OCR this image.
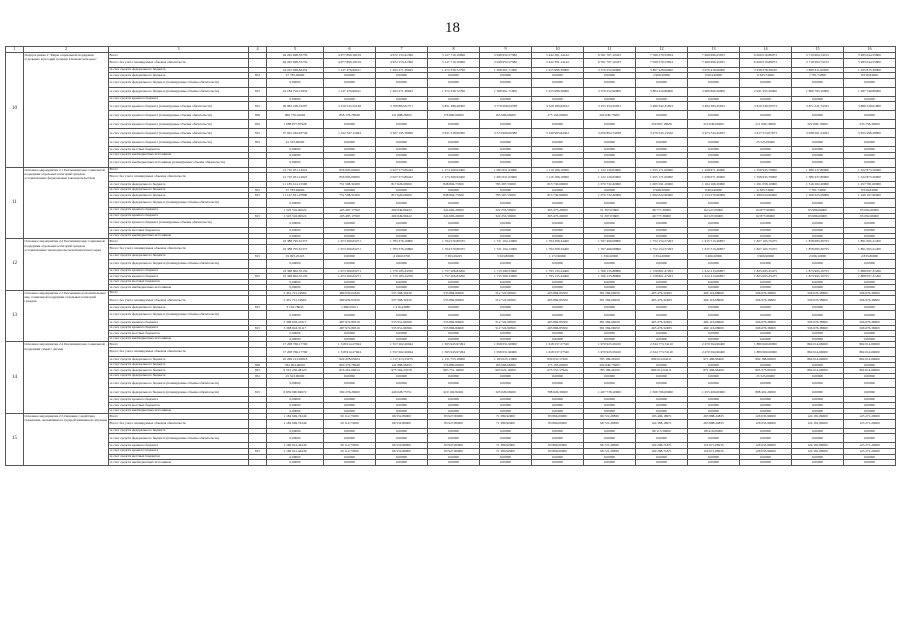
18
1	2	3	4	5	6	7	8	9	10	11	12	13	14	15	16
10	Подпрограмма 2 "Меры социальной поддержки отдельных категорий граждан в Камчатском крае"	Всего		64 265 698,35759	4 977 890,18159	4 972 153,41396	5 127 710,16096	5 048 952,57586	5 442 361,14142	6 591 707,10433	7 596 570,53854	7 469 996,25055	6 626 010,86973	5 719 964,74155	5 285 044,55800
		Всего: без учета планируемых объемов обязательств		64 265 698,35759	4 977 890,18159	4 972 153,41396	5 127 710,16096	5 048 952,57586	5 442 361,14142	6 591 707,10433	7 596 570,53854	7 469 996,25055	6 626 010,86973	5 719 964,74155	5 285 044,55800
		за счет средств федерального бюджета		24 222 969,82452	1 127 476,66011	1 263 271,39645	1 272 330,72796	1 268 961,71000	1 915 986,39900	3 376 252,60900	3 867 228,06600	3 976 416,06000	2 938 678,38100	1 868 611,60000	1 295 815,39000
		за счет средств федерального бюджета	852	37 783,64000	0,00000	0,00000	0,00000	0,00000	0,00000	0,00000	2 968,20000	9 604,40000	9 383,74000	7 781,74000	8 039,84000
		за счет средств федерального бюджета (планируемые объемы обязательств)		0,00000	0,00000	0,00000	0,00000	0,00000	0,00000	0,00000	0,00000	0,00000	0,00000	0,00000	0,00000
		за счет средств федерального бюджета (планируемые объемы обязательств)	815	24 184 716,21852	1 127 476,66011	1 263 271,39645	1 272 330,72796	1 268 961,71000	1 915 986,39900	3 376 252,60900	3 864 259,86600	3 966 806,26000	2 941 295,29000	1 860 795,16000	1 287 749,89000
		за счет средств краевого бюджета		0,00000	0,00000	0,00000	0,00000	0,00000	0,00000	0,00000	0,00000	0,00000	0,00000	0,00000	0,00000
		за счет средств краевого бюджета (планируемые объемы обязательств)	815	39 983 198,74307	3 250 533,52148	3 708 882,61751	3 851 388,46300	3 779 966,04768	3 526 380,84012	3 255 454,50053	3 489 342,31853	3 484 383,45635	3 819 349,50573	3 871 241,74355	3 889 229,61800
		за счет средств краевого бюджета (планируемые объемы обязательств)	830	966 776,16046	858 176,78048	141 688,26655	176 880,60000	165 066,06000	175 103,00000	204 649,75995	0,00000	0,00000	0,00000	0,00000	0,00000
		за счет средств краевого бюджета (планируемые объемы обязательств)	832	1 088 877,87928	0,00000	0,00000	0,00000	0,00000	0,00000	0,00000	259 807,18626	210 640,00000	211 849,19900	222 690,19900	233 756,36900
		за счет средств краевого бюджета (планируемые объемы обязательств)	815	37 922 263,93746	1 102 347,11664	3 567 195,78096	3 631 318,60300	3 574 966,06586	3 349 963,84502	3 050 804,74058	3 279 535,13526	3 273 743,45635	3 617 574,07673	3 648 561,54455	3 655 496,28900
		за счет средств краевого бюджета (планируемые объемы обязательств)	852	25 523,00000	0,00000	0,00000	0,00000	0,00000	0,00000	0,00000	0,00000	0,00000	25 523,00000	0,00000	0,00000
		за счет средств местных бюджетов		0,00000	0,00000	0,00000	0,00000	0,00000	0,00000	0,00000	0,00000	0,00000	0,00000	0,00000	0,00000
		за счет средств внебюджетных источников		0,00000	0,00000	0,00000	0,00000	0,00000	0,00000	0,00000	0,00000	0,00000	0,00000	0,00000	0,00000
		за счет средств внебюджетных источников (планируемые объемы обязательств)		0,00000	0,00000	0,00000	0,00000	0,00000	0,00000	0,00000	0,00000	0,00000	0,00000	0,00000	0,00000
11	Основное мероприятие 2.1 Реализация мер социальной поддержки отдельных категорий граждан, установленных федеральным законодательством	Всего		12 710 931,14922	856 995,00000	2 027 573,89422	1 173 369,93400	1 065 651,03900	1 119 186,10000	1 122 129,63600	1 055 171,00000	1 228 671,40000	1 358 945,79000	1 380 237,80000	1 322 873,50000
		Всего: без учета планируемых объемов обязательств		12 710 931,14922	856 995,00000	2 027 573,89422	1 173 369,93400	1 065 651,03900	1 119 186,10000	1 122 129,63600	1 055 171,00000	1 228 671,30000	1 358 945,79000	1 380 237,80000	1 322 873,50000
		за счет средств федерального бюджета		11 185 414,15300	751 508,31000	817 626,00000	848 804,73300	783 397,53000	813 730,60000	1 070 732,40000	1 005 591,10000	1 164 166,30000	1 291 058,10000	1 316 262,20000	1 257 781,00000
		за счет средств федерального бюджета	852	37 783,64000	0,00000	0,00000	0,00000	0,00000	0,00000	0,00000	2 968,20000	9 604,40000	9 383,74000	7 781,74000	8 039,84000
		за счет средств федерального бюджета	815	11 147 631,07800	751 508,31000	817 626,00000	848 804,73300	783 397,53000	813 730,60000	1 070 732,40000	1 002 622,90000	1 154 570,90000	1 286 024,60000	1 308 325,58000	1 249 167,90000
		за счет средств федерального бюджета (планируемые объемы обязательств)		0,00000	0,00000	0,00000	0,00000	0,00000	0,00000	0,00000	0,00000	0,00000	0,00000	0,00000	0,00000
		за счет средств краевого бюджета		1 525 516,99522	105 487,17500	209 949,89422	324 665,20000	322 253,50900	305 475,20000	51 397,03600	49 777,39000	64 527,00000	62 877,60000	63 986,60000	65 092,60000
		за счет средств краевого бюджета	815	1 525 516,99522	105 487,17500	209 949,89422	324 665,20000	322 253,50900	305 475,20000	51 397,03600	49 777,39000	64 527,00000	62 877,60000	63 986,60000	65 092,60000
		за счет средств краевого бюджета (планируемые объемы обязательств)		0,00000	0,00000	0,00000	0,00000	0,00000	0,00000	0,00000	0,00000	0,00000	0,00000	0,00000	0,00000
		за счет средств местных бюджетов		0,00000	0,00000	0,00000	0,00000	0,00000	0,00000	0,00000	0,00000	0,00000	0,00000	0,00000	0,00000
		за счет средств внебюджетных источников		0,00000	0,00000	0,00000	0,00000	0,00000	0,00000	0,00000	0,00000	0,00000	0,00000	0,00000	0,00000
12	Основное мероприятие 2.2 Реализация мер социальной поддержки отдельных категорий граждан, установленных законодательством Камчатского края	Всего		19 388 795,61375	1 673 309,63271	1 783 376,16800	1 764 570,89335	1 721 194,13000	1 794 308,34400	1 767 466,08800	1 752 154,57263	1 615 713,26857	1 827 165,75475	1 878 683,36755	1 891 065,21200
		Всего: без учета планируемых объемов обязательств		19 388 795,61375	1 673 309,63271	1 783 376,16800	1 764 570,89335	1 721 194,13000	1 794 308,34400	1 767 466,08800	1 752 154,57263	1 615 713,26857	1 827 165,75475	1 878 683,36755	1 891 065,21200
		за счет средств федерального бюджета	815	19 993,25225	0,00000	4 190,02700	7 363,29225	3 563,80000	1 172,90000	1 330,20000	3 354,20000	3 460,20000	3 969,90000	2 096,10000	2 835,80000
		за счет средств федерального бюджета (планируемые объемы обязательств)		0,00000	0,00000	0,00000	0,00000	0,00000	0,00000	0,00000	0,00000	0,00000	0,00000	0,00000	0,00000
		за счет средств краевого бюджета		19 368 802,35150	1 673 309,63271	1 779 185,24700	1 757 206,83200	1 715 580,53600	1 793 135,24400	1 766 135,88800	1 728 801,27263	1 612 213,06857	1 823 695,25475	1 873 995,16755	1 888 097,31200
		за счет средств краевого бюджета	815	19 368 802,35150	1 673 309,63271	1 779 185,24700	1 757 206,83200	1 715 580,53600	1 793 135,24400	1 766 135,88800	1 728 801,27263	1 612 213,06857	1 823 695,25475	1 873 995,16755	1 888 097,31200
		за счет средств местных бюджетов		0,00000	0,00000	0,00000	0,00000	0,00000	0,00000	0,00000	0,00000	0,00000	0,00000	0,00000	0,00000
		за счет средств внебюджетных источников		0,00000	0,00000	0,00000	0,00000	0,00000	0,00000	0,00000	0,00000	0,00000	0,00000	0,00000	0,00000
13	Основное мероприятие 2.3 Реализация дополнительных мер социальной поддержки отдельных категорий граждан	Всего		5 401 721,19962	489 659,04330	537 568,30230	533 884,84900	512 722,99500	493 884,85500	381 584,06059	465 476,32483	469 116,08600	506 676,38600	506 676,38600	506 676,38600
		Всего: без учета планируемых объемов обязательств		5 401 721,19962	489 659,04330	537 568,30230	533 884,84900	512 722,99500	493 884,85500	381 584,06059	465 476,32483	469 116,08600	506 676,38600	506 676,38600	506 676,38600
		за счет средств федерального бюджета	815	3 102,78045	1 686,59011	1 416,43680	0,00000	0,00000	0,00000	0,00000	0,00000	0,00000	0,00000	0,00000	0,00000
		за счет средств федерального бюджета (планируемые объемы обязательств)		0,00000	0,00000	0,00000	0,00000	0,00000	0,00000	0,00000	0,00000	0,00000	0,00000	0,00000	0,00000
		за счет средств краевого бюджета		5 398 618,41917	487 972,89319	535 951,66596	533 884,84900	512 722,99500	493 884,85500	381 584,06059	465 476,32483	469 116,08600	506 676,38600	506 676,38600	506 676,38600
		за счет средств краевого бюджета	815	5 398 616,31117	487 972,89319	535 951,66596	533 884,84900	512 722,99500	493 884,85500	381 584,06059	465 476,32483	469 116,08600	506 676,38600	506 676,38600	506 676,38600
		за счет средств местных бюджетов		0,00000	0,00000	0,00000	0,00000	0,00000	0,00000	0,00000	0,00000	0,00000	0,00000	0,00000	0,00000
		за счет средств внебюджетных источников		0,00000	0,00000	0,00000	0,00000	0,00000	0,00000	0,00000	0,00000	0,00000	0,00000	0,00000	0,00000
14	Основное мероприятие 2.4 Реализация мер социальной поддержки семей с детьми	Всего		17 208 766,17790	1 318 914,27924	1 557 262,26944	1 565 945,97264	1 658 051,90000	1 618 257,57520	1 970 925,56100	2 324 773,74110	2 470 564,96400	1 889 669,60000	864 014,66000	864 014,66000
		Всего: без учета планируемых объемов обязательств		17 208 766,17790	1 318 914,27924	1 557 262,26944	1 565 945,97264	1 658 051,90000	1 618 257,57520	1 970 925,56100	2 324 773,74110	2 470 564,96400	1 889 669,60000	864 014,66000	864 014,66000
		за счет средств федерального бюджета		10 269 213,02818	924 478,63024	1 117 213,33275	1 131 753,18000	1 183 025,13000	830 631,57620	783 189,26100	869 012,64211	971 486,96400	992 198,60000	864 014,66000	864 014,66000
		за счет средств федерального бюджета	830	762 004,66045	860 376,78048	141 688,26655	176 880,60000	163 066,06000	175 103,00000	204 649,75995	0,00000	0,00000	0,00000	0,00000	0,00000
		за счет средств федерального бюджета	835	9 501 236,28123	816 261,69014	975 564,25578	963 751,16000	993 022,10000	673 531,57620	783 189,26100	869 012,64211	871 486,96400	995 275,86100	864 014,66000	864 014,66000
		за счет средств федерального бюджета	852	25 523,00000	0,00000	0,00000	0,00000	0,00000	0,00000	0,00000	0,00000	0,00000	25 523,00000	0,00000	0,00000
		за счет средств федерального бюджета (планируемые объемы обязательств)		0,00000	0,00000	0,00000	0,00000	0,00000	0,00000	0,00000	0,00000	0,00000	0,00000	0,00000	0,00000
		за счет средств федерального бюджета (планируемые объемы обязательств)	815	6 939 990,84972	394 276,26900	440 028,75751	410 162,82261	325 026,06000	788 626,30000	1 267 738,10000	1 566 766,09000	1 255 406,00000	898 491,20000	0,00000	0,00000
		за счет средств краевого бюджета		0,00000	0,00000	0,00000	0,00000	0,00000	0,00000	0,00000	0,00000	0,00000	0,00000	0,00000	0,00000
		за счет средств местных бюджетов		0,00000	0,00000	0,00000	0,00000	0,00000	0,00000	0,00000	0,00000	0,00000	0,00000	0,00000	0,00000
		за счет средств внебюджетных источников		0,00000	0,00000	0,00000	0,00000	0,00000	0,00000	0,00000	0,00000	0,00000	0,00000	0,00000	0,00000
15	Основное мероприятие 2.5 Оказание содействия гражданам, оказавшимся в трудной жизненной ситуации	Всего		1 184 049,74246	59 112,75000	66 552,86000	83 927,80000	71 380,92000	83 866,00000	96 721,28830	193 496,18971	263 888,24835	126 033,96000	124 181,86000	123 271,20000
		Всего: без учета планируемых объемов обязательств		1 184 049,74246	59 112,75000	66 552,86000	83 927,80000	71 380,92000	83 866,00000	96 721,28830	104 368,18971	263 888,24835	126 033,96000	124 181,86000	123 271,20000
		за счет средств федерального бюджета		0,00000	0,00000	0,00000	0,00000	0,00000	0,00000	0,00000	89 115,39000	88 416,00000	0,00000	0,00000	0,00000
		за счет средств федерального бюджета (планируемые объемы обязательств)		0,00000	0,00000	0,00000	0,00000	0,00000	0,00000	0,00000	0,00000	0,00000	0,00000	0,00000	0,00000
		за счет средств краевого бюджета		1 160 612,44246	59 112,75000	66 552,86000	83 927,80000	71 380,92000	83 866,00000	96 721,28830	104 298,71871	116 671,08235	126 033,96000	124 181,86000	123 271,20000
		за счет средств краевого бюджета	815	1 160 612,44246	59 112,75000	66 552,86000	83 927,80000	71 380,92000	83 866,00000	96 721,28830	104 298,71871	116 671,08235	126 033,96000	124 181,86000	123 271,20000
		за счет средств местных бюджетов		0,00000	0,00000	0,00000	0,00000	0,00000	0,00000	0,00000	0,00000	0,00000	0,00000	0,00000	0,00000
		за счет средств внебюджетных источников		0,00000	0,00000	0,00000	0,00000	0,00000	0,00000	0,00000	0,00000	0,00000	0,00000	0,00000	0,00000
